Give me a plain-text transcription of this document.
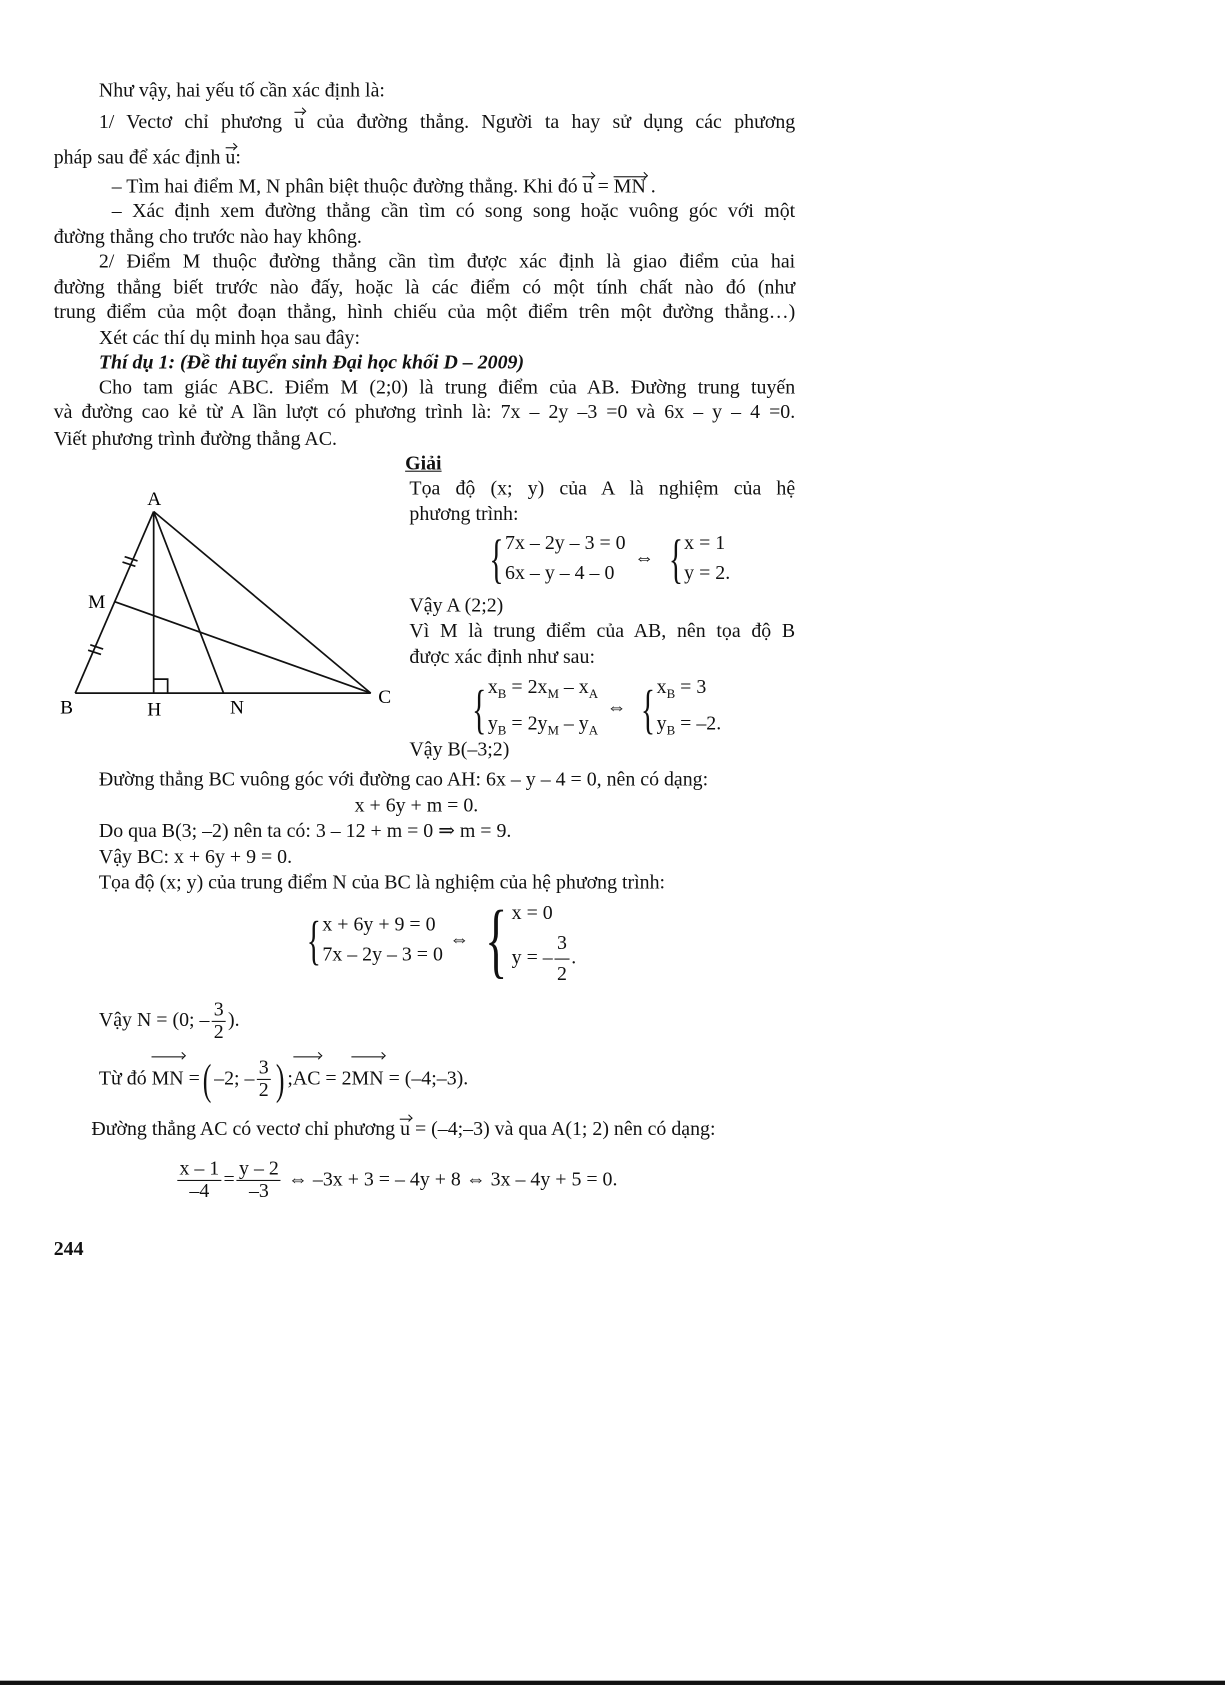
Như vậy, hai yếu tố cần xác định là:
1/ Vectơ chỉ phương u của đường thẳng. Người ta hay sử dụng các phương
pháp sau để xác định u:
– Tìm hai điểm M, N phân biệt thuộc đường thẳng. Khi đó u = MN .
– Xác định xem đường thẳng cần tìm có song song hoặc vuông góc với một
đường thẳng cho trước nào hay không.
2/ Điểm M thuộc đường thẳng cần tìm được xác định là giao điểm của hai
đường thẳng biết trước nào đấy, hoặc là các điểm có một tính chất nào đó (như
trung điểm của một đoạn thẳng, hình chiếu của một điểm trên một đường thẳng…)
Xét các thí dụ minh họa sau đây:
Thí dụ 1: (Đề thi tuyển sinh Đại học khối D – 2009)
Cho tam giác ABC. Điểm M (2;0) là trung điểm của AB. Đường trung tuyến
và đường cao kẻ từ A lần lượt có phương trình là: 7x – 2y –3 =0 và 6x – y – 4 =0.
Viết phương trình đường thẳng AC.
A
M
B	H	N
C
Giải
Tọa độ (x; y) của A là nghiệm của hệ
phương trình:
{ 7x – 2y – 3 = 0
6x – y – 4 – 0
⇔ { x = 1
y = 2.
Vậy A (2;2)
Vì M là trung điểm của AB, nên tọa độ B
được xác định như sau:
{ $x_B = 2x_M - x_A$
$y_B = 2y_M - y_A$
⇔ { $x_B = 3$
$y_B = -2$.
Vậy B(–3;2)
Đường thẳng BC vuông góc với đường cao AH: 6x – y – 4 = 0, nên có dạng:
x + 6y + m = 0.
Do qua B(3; –2) nên ta có: 3 – 12 + m = 0 ⇒ m = 9.
Vậy BC: x + 6y + 9 = 0.
Tọa độ (x; y) của trung điểm N của BC là nghiệm của hệ phương trình:
{ x + 6y + 9 = 0
7x – 2y – 3 = 0
⇔ { x = 0
y = – $\frac{3}{2}$ .
Vậy N = (0; – $\frac{3}{2}$ ).
Từ đó MN =( –2; – $\frac{3}{2}$ ) ;AC = 2MN = (–4;–3).
Đường thẳng AC có vectơ chỉ phương u = (–4;–3) và qua A(1; 2) nên có dạng:
$\frac{x - 1}{-4} = \frac{y - 2}{-3}$ ⇔ –3x + 3 = – 4y + 8 ⇔ 3x – 4y + 5 = 0.
244
